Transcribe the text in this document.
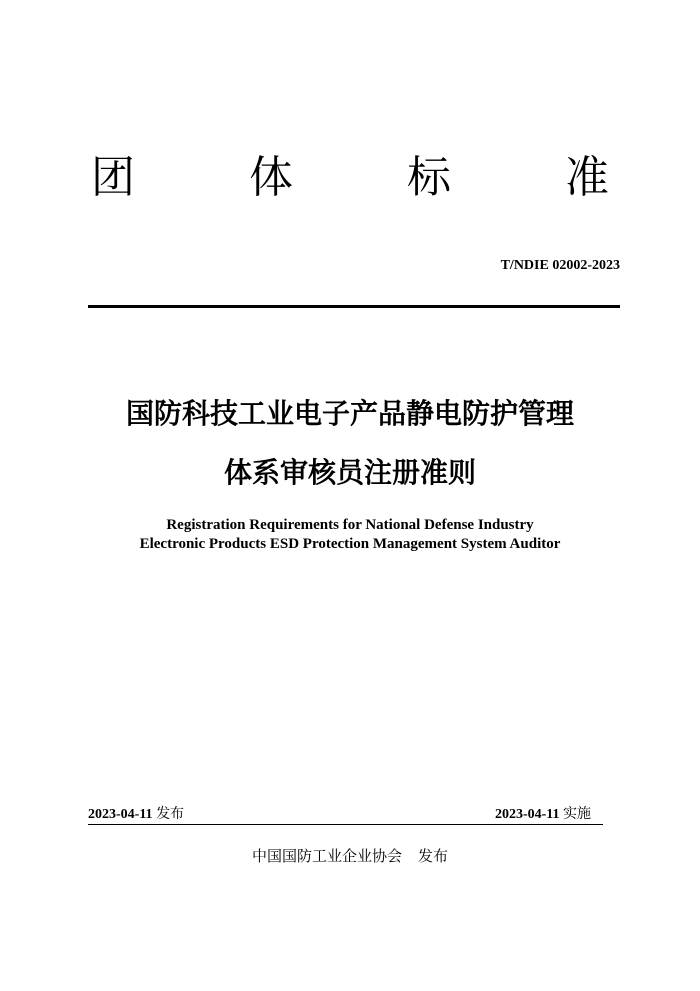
团 体 标 准
T/NDIE 02002-2023
国防科技工业电子产品静电防护管理
体系审核员注册准则
Registration Requirements for National Defense Industry
Electronic Products ESD Protection Management System Auditor
2023-04-11 发布	2023-04-11 实施
中国国防工业企业协会 发布
